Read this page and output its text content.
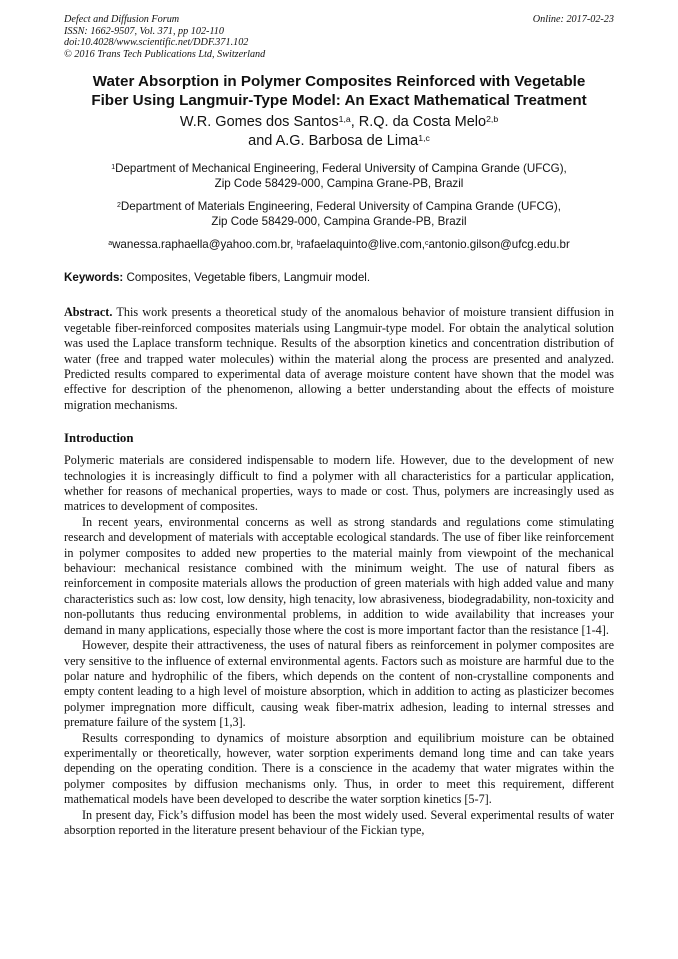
Defect and Diffusion Forum
ISSN: 1662-9507, Vol. 371, pp 102-110
doi:10.4028/www.scientific.net/DDF.371.102
© 2016 Trans Tech Publications Ltd, Switzerland
Online: 2017-02-23
Water Absorption in Polymer Composites Reinforced with Vegetable
Fiber Using Langmuir-Type Model: An Exact Mathematical Treatment
W.R. Gomes dos Santos$^{1,a}$, R.Q. da Costa Melo$^{2,b}$
and A.G. Barbosa de Lima$^{1,c}$
$^1$Department of Mechanical Engineering, Federal University of Campina Grande (UFCG),
Zip Code 58429-000, Campina Grane-PB, Brazil
$^2$Department of Materials Engineering, Federal University of Campina Grande (UFCG),
Zip Code 58429-000, Campina Grande-PB, Brazil
$^a$wanessa.raphaella@yahoo.com.br, $^b$rafaelaquinto@live.com,$^c$antonio.gilson@ufcg.edu.br
Keywords: Composites, Vegetable fibers, Langmuir model.
Abstract. This work presents a theoretical study of the anomalous behavior of moisture transient diffusion in vegetable fiber-reinforced composites materials using Langmuir-type model. For obtain the analytical solution was used the Laplace transform technique. Results of the absorption kinetics and concentration distribution of water (free and trapped water molecules) within the material along the process are presented and analyzed. Predicted results compared to experimental data of average moisture content have shown that the model was effective for description of the phenomenon, allowing a better understanding about the effects of moisture migration mechanisms.
Introduction

Polymeric materials are considered indispensable to modern life. However, due to the development of new technologies it is increasingly difficult to find a polymer with all characteristics for a particular application, whether for reasons of mechanical properties, ways to made or cost. Thus, polymers are increasingly used as matrices to development of composites.

In recent years, environmental concerns as well as strong standards and regulations come stimulating research and development of materials with acceptable ecological standards. The use of fiber like reinforcement in polymer composites to added new properties to the material mainly from viewpoint of the mechanical behaviour: mechanical resistance combined with the minimum weight. The use of natural fibers as reinforcement in composite materials allows the production of green materials with high added value and many characteristics such as: low cost, low density, high tenacity, low abrasiveness, biodegradability, non-toxicity and non-pollutants thus reducing environmental problems, in addition to wide availability that increases your demand in many applications, especially those where the cost is more important factor than the resistance [1-4].

However, despite their attractiveness, the uses of natural fibers as reinforcement in polymer composites are very sensitive to the influence of external environmental agents. Factors such as moisture are harmful due to the polar nature and hydrophilic of the fibers, which depends on the content of non-crystalline components and empty content leading to a high level of moisture absorption, which in addition to acting as plasticizer becomes polymer impregnation more difficult, causing weak fiber-matrix adhesion, leading to internal stresses and premature failure of the system [1,3].

Results corresponding to dynamics of moisture absorption and equilibrium moisture can be obtained experimentally or theoretically, however, water sorption experiments demand long time and can take years depending on the operating condition. There is a conscience in the academy that water migrates within the polymer composites by diffusion mechanisms only. Thus, in order to meet this requirement, different mathematical models have been developed to describe the water sorption kinetics [5-7].

In present day, Fick’s diffusion model has been the most widely used. Several experimental results of water absorption reported in the literature present behaviour of the Fickian type,
